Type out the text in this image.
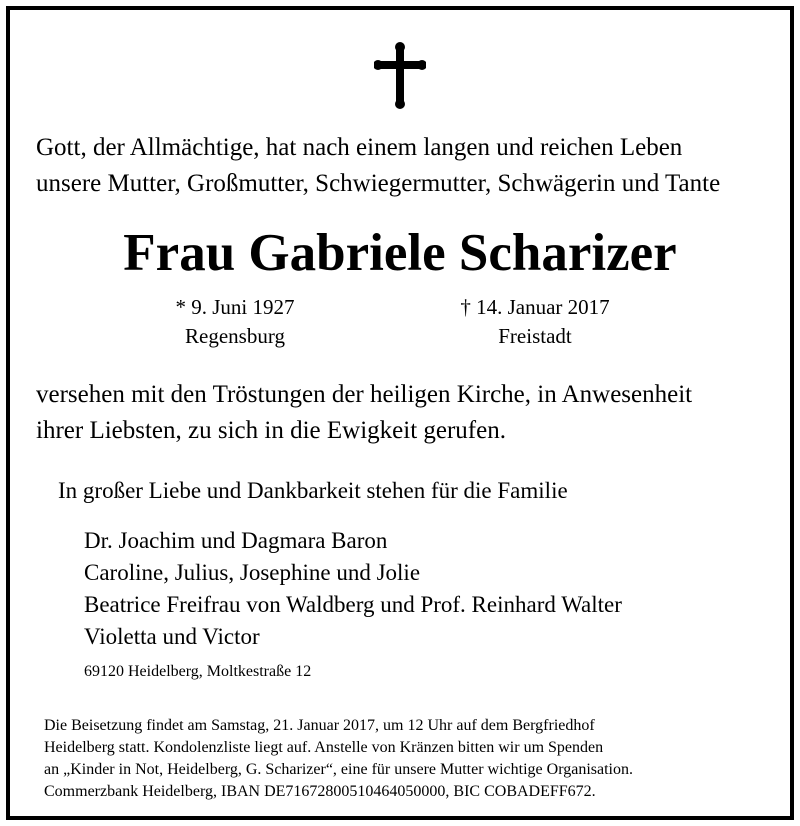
Gott, der Allmächtige, hat nach einem langen und reichen Leben
unsere Mutter, Großmutter, Schwiegermutter, Schwägerin und Tante
Frau Gabriele Scharizer
* 9. Juni 1927
Regensburg
† 14. Januar 2017
Freistadt
versehen mit den Tröstungen der heiligen Kirche, in Anwesenheit
ihrer Liebsten, zu sich in die Ewigkeit gerufen.
In großer Liebe und Dankbarkeit stehen für die Familie
Dr. Joachim und Dagmara Baron
Caroline, Julius, Josephine und Jolie
Beatrice Freifrau von Waldberg und Prof. Reinhard Walter
Violetta und Victor
69120 Heidelberg, Moltkestraße 12
Die Beisetzung findet am Samstag, 21. Januar 2017, um 12 Uhr auf dem Bergfriedhof
Heidelberg statt. Kondolenzliste liegt auf. Anstelle von Kränzen bitten wir um Spenden
an „Kinder in Not, Heidelberg, G. Scharizer“, eine für unsere Mutter wichtige Organisation.
Commerzbank Heidelberg, IBAN DE71672800510464050000, BIC COBADEFF672.
